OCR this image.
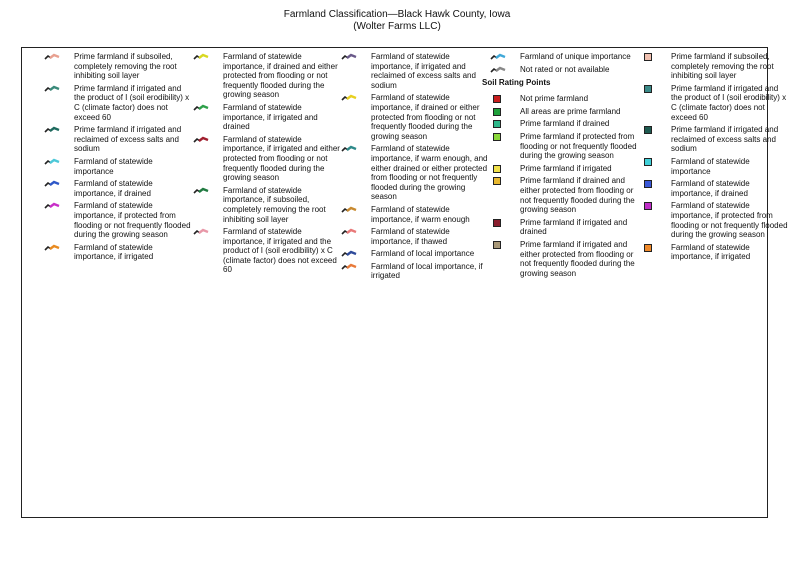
Farmland Classification—Black Hawk County, Iowa
(Wolter Farms LLC)
Prime farmland if subsoiled, completely removing the root inhibiting soil layer
Prime farmland if irrigated and the product of I (soil erodibility) x C (climate factor) does not exceed 60
Prime farmland if irrigated and reclaimed of excess salts and sodium
Farmland of statewide importance
Farmland of statewide importance, if drained
Farmland of statewide importance, if protected from flooding or not frequently flooded during the growing season
Farmland of statewide importance, if irrigated
Farmland of statewide importance, if drained and either protected from flooding or not frequently flooded during the growing season
Farmland of statewide importance, if irrigated and drained
Farmland of statewide importance, if irrigated and either protected from flooding or not frequently flooded during the growing season
Farmland of statewide importance, if subsoiled, completely removing the root inhibiting soil layer
Farmland of statewide importance, if irrigated and the product of I (soil erodibility) x C (climate factor) does not exceed 60
Farmland of statewide importance, if irrigated and reclaimed of excess salts and sodium
Farmland of statewide importance, if drained or either protected from flooding or not frequently flooded during the growing season
Farmland of statewide importance, if warm enough, and either drained or either protected from flooding or not frequently flooded during the growing season
Farmland of statewide importance, if warm enough
Farmland of statewide importance, if thawed
Farmland of local importance
Farmland of local importance, if irrigated
Farmland of unique importance
Not rated or not available
Soil Rating Points
Not prime farmland
All areas are prime farmland
Prime farmland if drained
Prime farmland if protected from flooding or not frequently flooded during the growing season
Prime farmland if irrigated
Prime farmland if drained and either protected from flooding or not frequently flooded during the growing season
Prime farmland if irrigated and drained
Prime farmland if irrigated and either protected from flooding or not frequently flooded during the growing season
Prime farmland if subsoiled, completely removing the root inhibiting soil layer
Prime farmland if irrigated and the product of I (soil erodibility) x C (climate factor) does not exceed 60
Prime farmland if irrigated and reclaimed of excess salts and sodium
Farmland of statewide importance
Farmland of statewide importance, if drained
Farmland of statewide importance, if protected from flooding or not frequently flooded during the growing season
Farmland of statewide importance, if irrigated
